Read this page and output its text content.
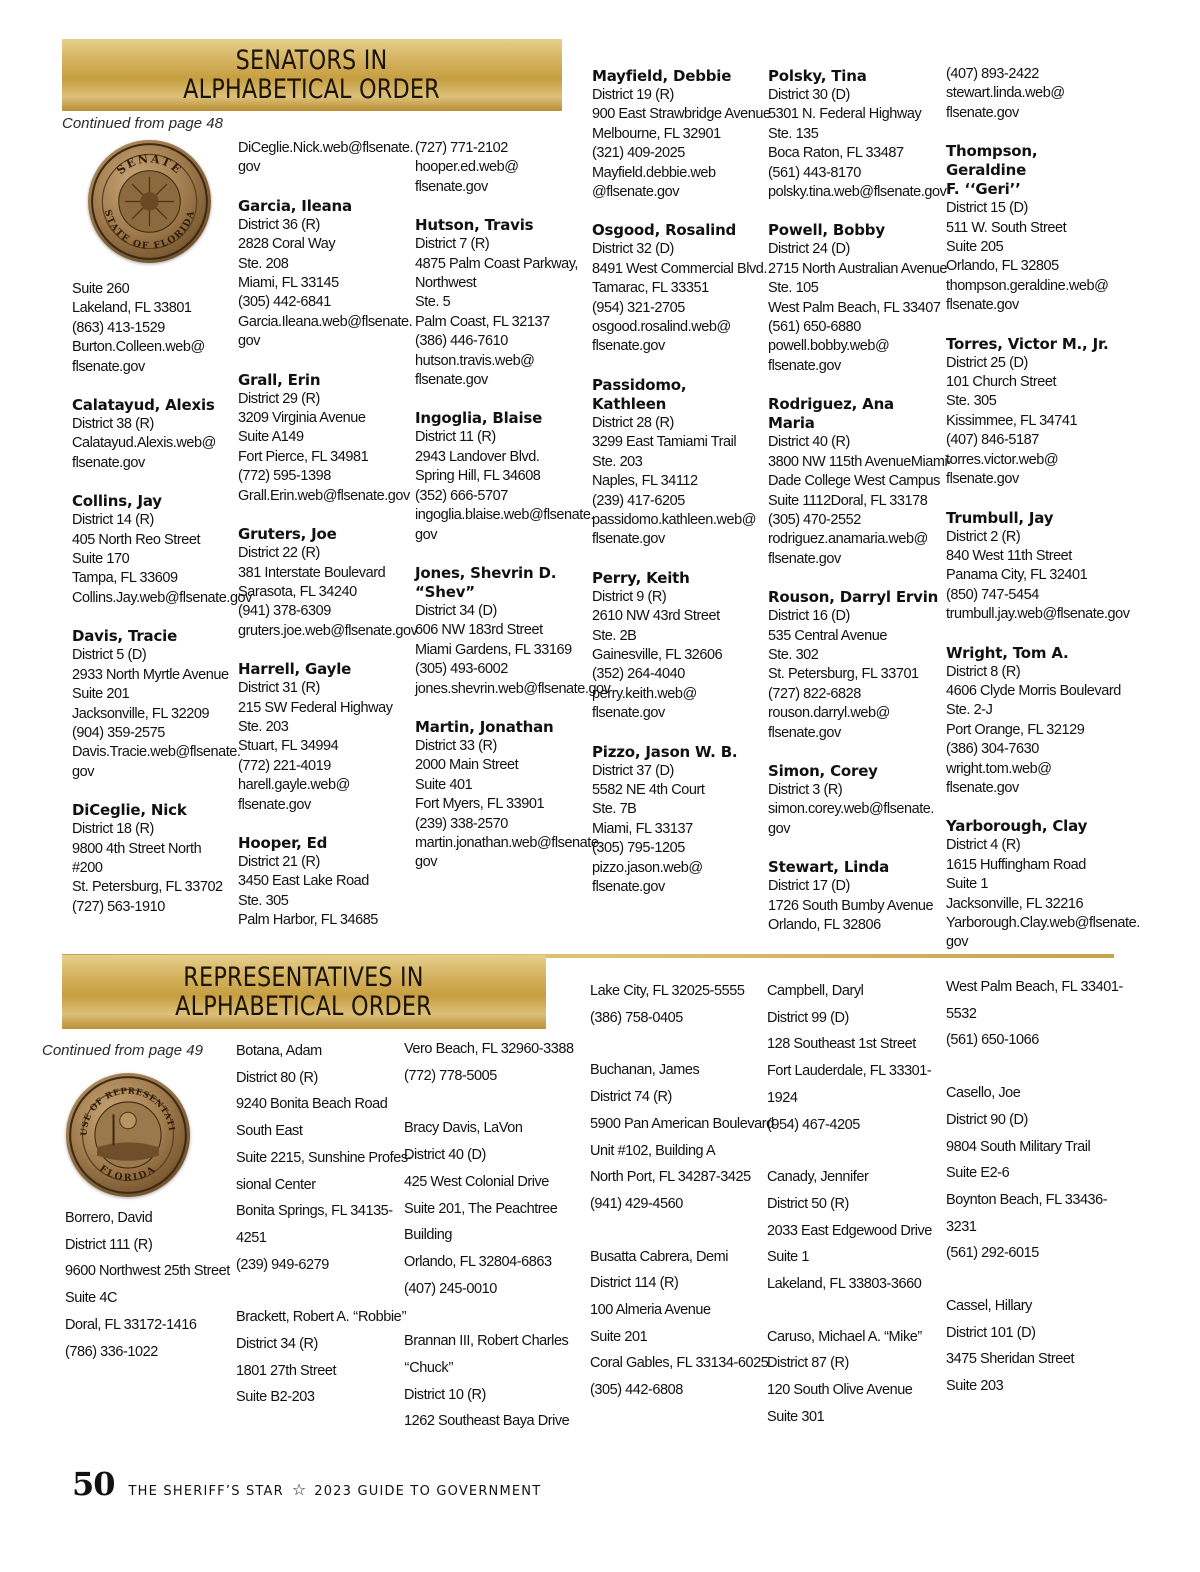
SENATORS IN
ALPHABETICAL ORDER
Continued from page 48
SENATE
STATE OF FLORIDA
Suite 260
Lakeland, FL 33801
(863) 413-1529
Burton.Colleen.web@
flsenate.gov
Calatayud, Alexis
District 38 (R)
Calatayud.Alexis.web@
flsenate.gov
Collins, Jay
District 14 (R)
405 North Reo Street
Suite 170
Tampa, FL 33609
Collins.Jay.web@flsenate.gov
Davis, Tracie
District 5 (D)
2933 North Myrtle Avenue
Suite 201
Jacksonville, FL 32209
(904) 359-2575
Davis.Tracie.web@flsenate.
gov
DiCeglie, Nick
District 18 (R)
9800 4th Street North
#200
St. Petersburg, FL 33702
(727) 563-1910
DiCeglie.Nick.web@flsenate.
gov
Garcia, Ileana
District 36 (R)
2828 Coral Way
Ste. 208
Miami, FL 33145
(305) 442-6841
Garcia.Ileana.web@flsenate.
gov
Grall, Erin
District 29 (R)
3209 Virginia Avenue
Suite A149
Fort Pierce, FL 34981
(772) 595-1398
Grall.Erin.web@flsenate.gov
Gruters, Joe
District 22 (R)
381 Interstate Boulevard
Sarasota, FL 34240
(941) 378-6309
gruters.joe.web@flsenate.gov
Harrell, Gayle
District 31 (R)
215 SW Federal Highway
Ste. 203
Stuart, FL 34994
(772) 221-4019
harell.gayle.web@
flsenate.gov
Hooper, Ed
District 21 (R)
3450 East Lake Road
Ste. 305
Palm Harbor, FL 34685
(727) 771-2102
hooper.ed.web@
flsenate.gov
Hutson, Travis
District 7 (R)
4875 Palm Coast Parkway,
Northwest
Ste. 5
Palm Coast, FL 32137
(386) 446-7610
hutson.travis.web@
flsenate.gov
Ingoglia, Blaise
District 11 (R)
2943 Landover Blvd.
Spring Hill, FL 34608
(352) 666-5707
ingoglia.blaise.web@flsenate.
gov
Jones, Shevrin D.
“Shev”
District 34 (D)
606 NW 183rd Street
Miami Gardens, FL 33169
(305) 493-6002
jones.shevrin.web@flsenate.gov
Martin, Jonathan
District 33 (R)
2000 Main Street
Suite 401
Fort Myers, FL 33901
(239) 338-2570
martin.jonathan.web@flsenate.
gov
Mayfield, Debbie
District 19 (R)
900 East Strawbridge Avenue
Melbourne, FL 32901
(321) 409-2025
Mayfield.debbie.web
@flsenate.gov
Osgood, Rosalind
District 32 (D)
8491 West Commercial Blvd.
Tamarac, FL 33351
(954) 321-2705
osgood.rosalind.web@
flsenate.gov
Passidomo,
Kathleen
District 28 (R)
3299 East Tamiami Trail
Ste. 203
Naples, FL 34112
(239) 417-6205
passidomo.kathleen.web@
flsenate.gov
Perry, Keith
District 9 (R)
2610 NW 43rd Street
Ste. 2B
Gainesville, FL 32606
(352) 264-4040
perry.keith.web@
flsenate.gov
Pizzo, Jason W. B.
District 37 (D)
5582 NE 4th Court
Ste. 7B
Miami, FL 33137
(305) 795-1205
pizzo.jason.web@
flsenate.gov
Polsky, Tina
District 30 (D)
5301 N. Federal Highway
Ste. 135
Boca Raton, FL 33487
(561) 443-8170
polsky.tina.web@flsenate.gov
Powell, Bobby
District 24 (D)
2715 North Australian Avenue
Ste. 105
West Palm Beach, FL 33407
(561) 650-6880
powell.bobby.web@
flsenate.gov
Rodriguez, Ana
Maria
District 40 (R)
3800 NW 115th AvenueMiami-
Dade College West Campus
Suite 1112Doral, FL 33178
(305) 470-2552
rodriguez.anamaria.web@
flsenate.gov
Rouson, Darryl Ervin
District 16 (D)
535 Central Avenue
Ste. 302
St. Petersburg, FL 33701
(727) 822-6828
rouson.darryl.web@
flsenate.gov
Simon, Corey
District 3 (R)
simon.corey.web@flsenate.
gov
Stewart, Linda
District 17 (D)
1726 South Bumby Avenue
Orlando, FL 32806
(407) 893-2422
stewart.linda.web@
flsenate.gov
Thompson, Geraldine
F. ‘‘Geri’’
District 15 (D)
511 W. South Street
Suite 205
Orlando, FL 32805
thompson.geraldine.web@
flsenate.gov
Torres, Victor M., Jr.
District 25 (D)
101 Church Street
Ste. 305
Kissimmee, FL 34741
(407) 846-5187
torres.victor.web@
flsenate.gov
Trumbull, Jay
District 2 (R)
840 West 11th Street
Panama City, FL 32401
(850) 747-5454
trumbull.jay.web@flsenate.gov
Wright, Tom A.
District 8 (R)
4606 Clyde Morris Boulevard
Ste. 2-J
Port Orange, FL 32129
(386) 304-7630
wright.tom.web@
flsenate.gov
Yarborough, Clay
District 4 (R)
1615 Huffingham Road
Suite 1
Jacksonville, FL 32216
Yarborough.Clay.web@flsenate.
gov
REPRESENTATIVES IN
ALPHABETICAL ORDER
Continued from page 49
USE OF REPRESENTATI
FLORIDA
Borrero, David
District 111 (R)
9600 Northwest 25th Street
Suite 4C
Doral, FL 33172-1416
(786) 336-1022
Botana, Adam
District 80 (R)
9240 Bonita Beach Road
South East
Suite 2215, Sunshine Profes-
sional Center
Bonita Springs, FL 34135-
4251
(239) 949-6279
Brackett, Robert A. ‘‘Robbie’’
District 34 (R)
1801 27th Street
Suite B2-203
Vero Beach, FL 32960-3388
(772) 778-5005
Bracy Davis, LaVon
District 40 (D)
425 West Colonial Drive
Suite 201, The Peachtree
Building
Orlando, FL 32804-6863
(407) 245-0010
Brannan III, Robert Charles
‘‘Chuck’’
District 10 (R)
1262 Southeast Baya Drive
Lake City, FL 32025-5555
(386) 758-0405
Buchanan, James
District 74 (R)
5900 Pan American Boulevard
Unit #102, Building A
North Port, FL 34287-3425
(941) 429-4560
Busatta Cabrera, Demi
District 114 (R)
100 Almeria Avenue
Suite 201
Coral Gables, FL 33134-6025
(305) 442-6808
Campbell, Daryl
District 99 (D)
128 Southeast 1st Street
Fort Lauderdale, FL 33301-
1924
(954) 467-4205
Canady, Jennifer
District 50 (R)
2033 East Edgewood Drive
Suite 1
Lakeland, FL 33803-3660
Caruso, Michael A. “Mike”
District 87 (R)
120 South Olive Avenue
Suite 301
West Palm Beach, FL 33401-
5532
(561) 650-1066
Casello, Joe
District 90 (D)
9804 South Military Trail
Suite E2-6
Boynton Beach, FL 33436-
3231
(561) 292-6015
Cassel, Hillary
District 101 (D)
3475 Sheridan Street
Suite 203
50 THE SHERIFF’S STAR ☆ 2023 GUIDE TO GOVERNMENT
